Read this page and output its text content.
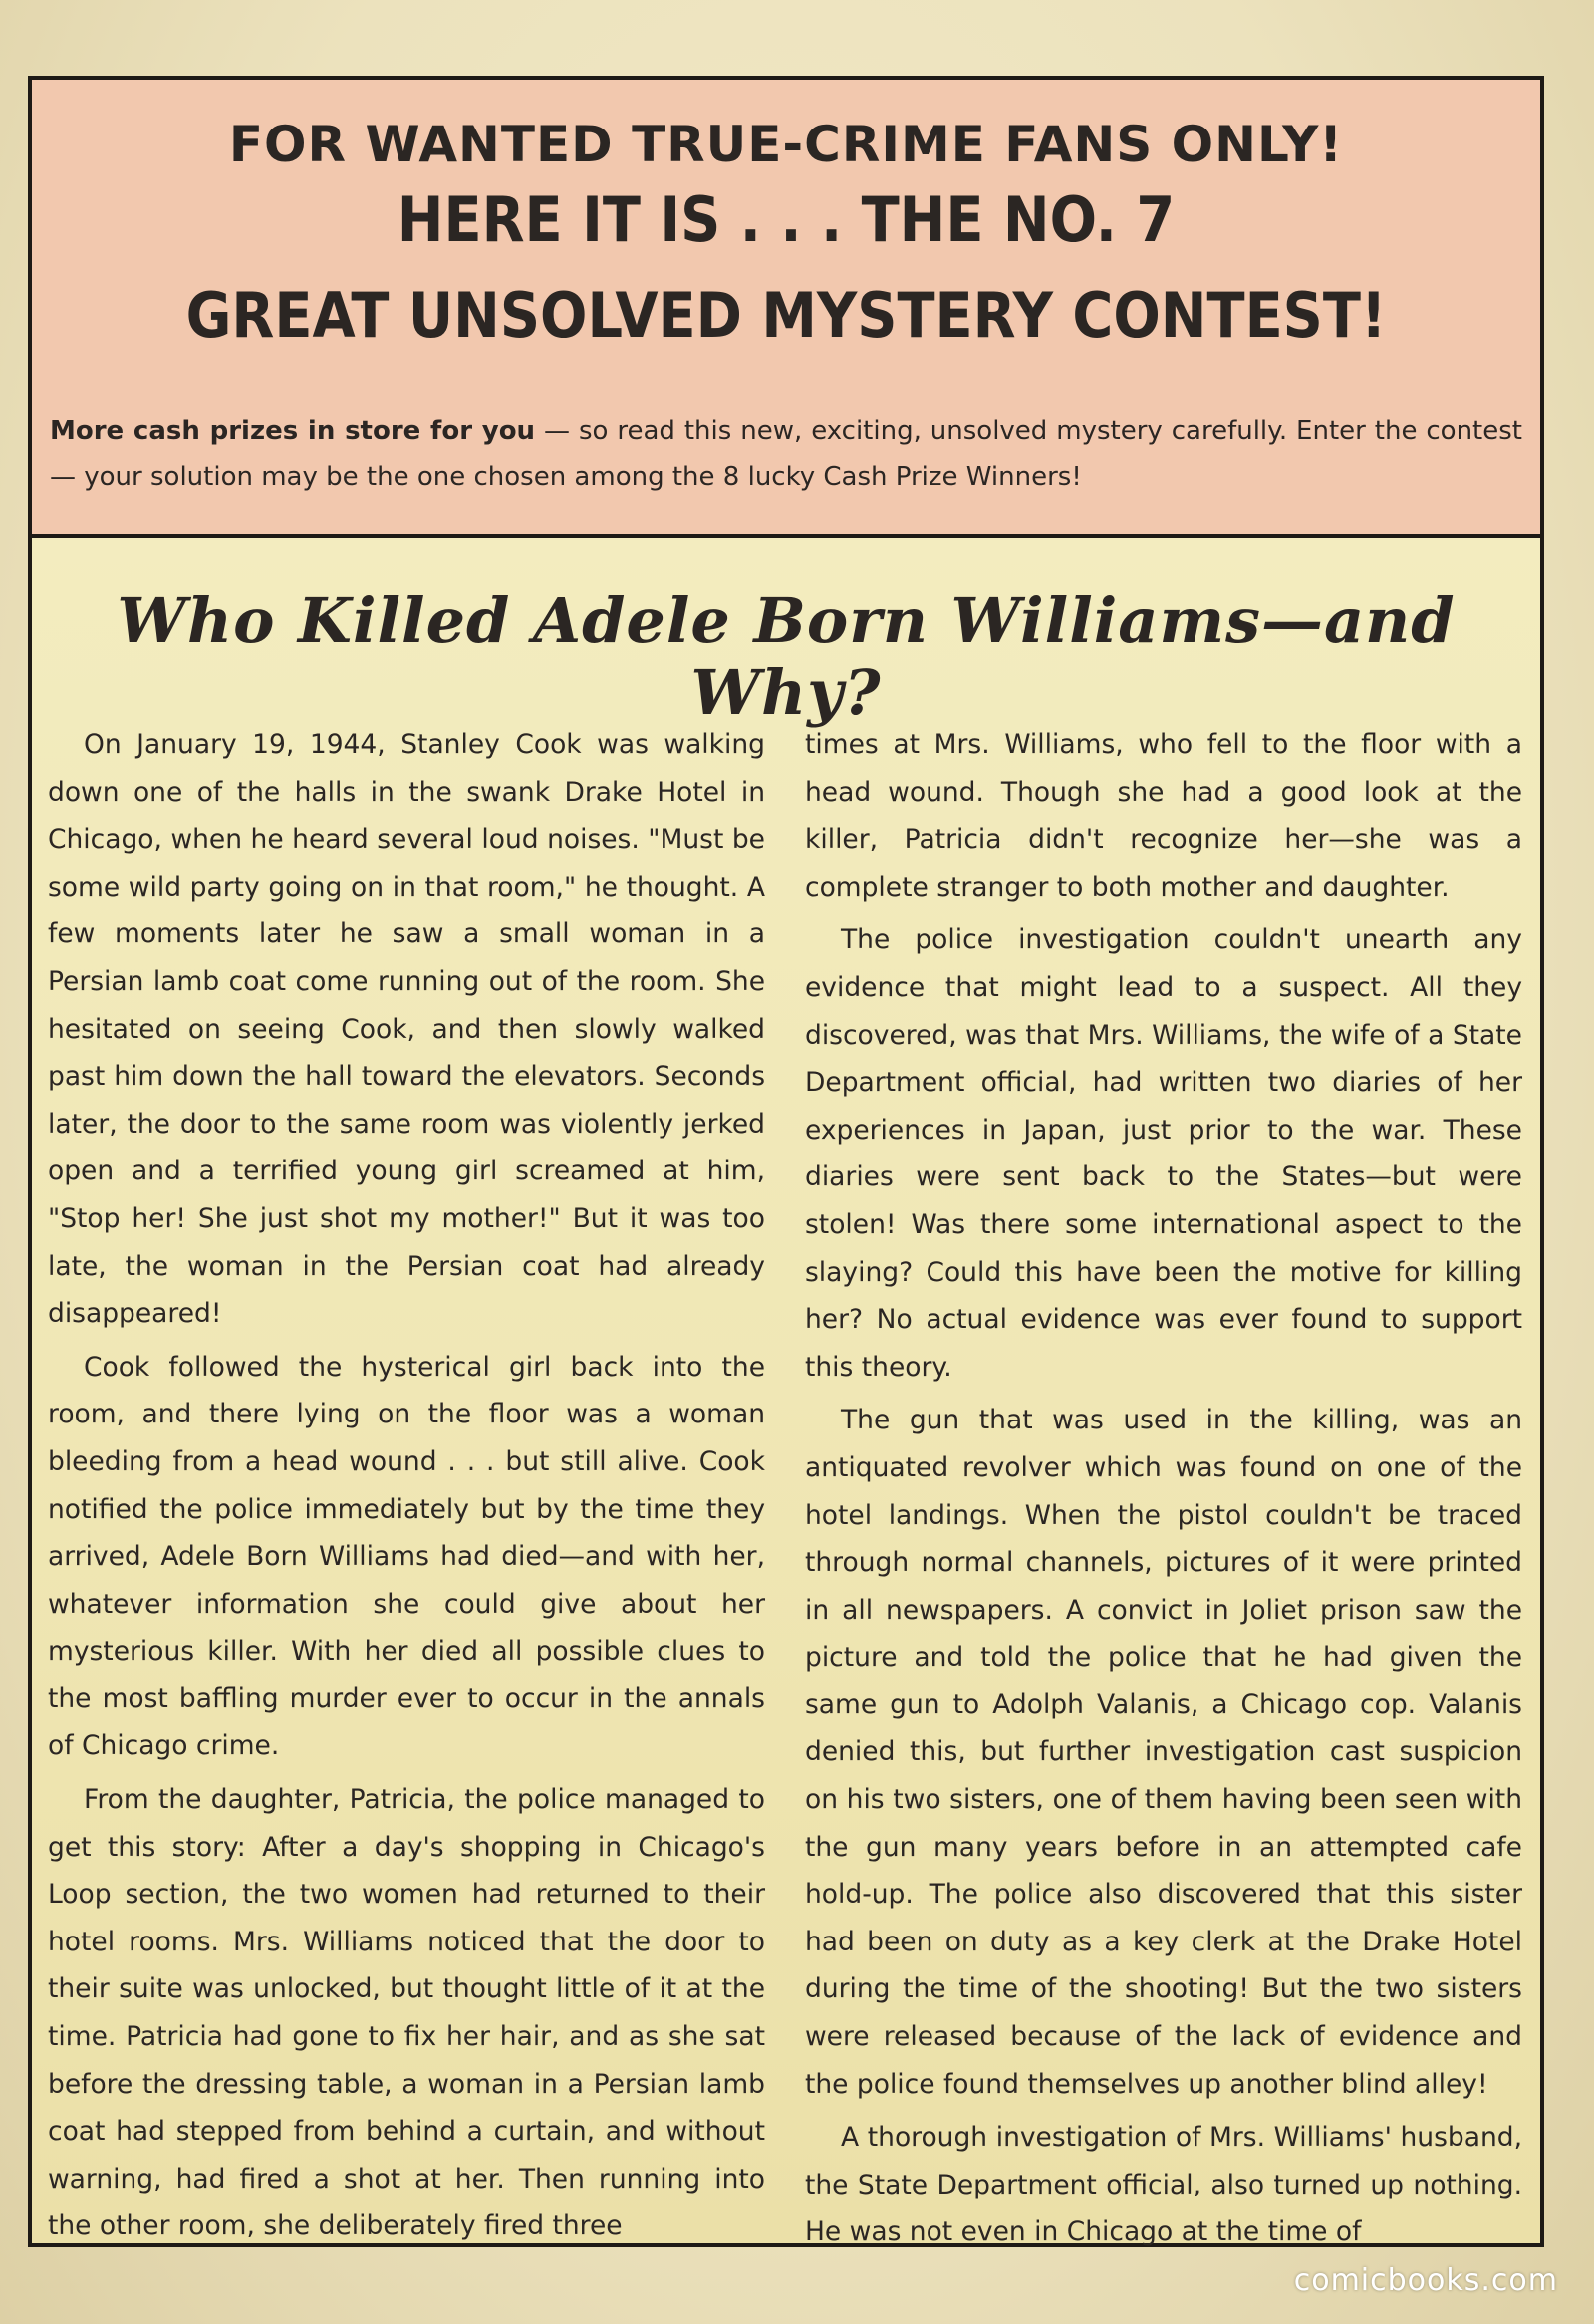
FOR WANTED TRUE-CRIME FANS ONLY!
HERE IT IS . . . THE NO. 7
GREAT UNSOLVED MYSTERY CONTEST!
More cash prizes in store for you — so read this new, exciting, unsolved mystery carefully. Enter the contest — your solution may be the one chosen among the 8 lucky Cash Prize Winners!
Who Killed Adele Born Williams—and Why?

On January 19, 1944, Stanley Cook was walking down one of the halls in the swank Drake Hotel in Chicago, when he heard several loud noises. "Must be some wild party going on in that room," he thought. A few moments later he saw a small woman in a Persian lamb coat come running out of the room. She hesitated on seeing Cook, and then slowly walked past him down the hall toward the elevators. Seconds later, the door to the same room was violently jerked open and a terrified young girl screamed at him, "Stop her! She just shot my mother!" But it was too late, the woman in the Persian coat had already disappeared!

Cook followed the hysterical girl back into the room, and there lying on the floor was a woman bleeding from a head wound . . . but still alive. Cook notified the police immediately but by the time they arrived, Adele Born Williams had died—and with her, whatever information she could give about her mysterious killer. With her died all possible clues to the most baffling murder ever to occur in the annals of Chicago crime.

From the daughter, Patricia, the police managed to get this story: After a day's shopping in Chicago's Loop section, the two women had returned to their hotel rooms. Mrs. Williams noticed that the door to their suite was unlocked, but thought little of it at the time. Patricia had gone to fix her hair, and as she sat before the dressing table, a woman in a Persian lamb coat had stepped from behind a curtain, and without warning, had fired a shot at her. Then running into the other room, she deliberately fired three

times at Mrs. Williams, who fell to the floor with a head wound. Though she had a good look at the killer, Patricia didn't recognize her—she was a complete stranger to both mother and daughter.

The police investigation couldn't unearth any evidence that might lead to a suspect. All they discovered, was that Mrs. Williams, the wife of a State Department official, had written two diaries of her experiences in Japan, just prior to the war. These diaries were sent back to the States—but were stolen! Was there some international aspect to the slaying? Could this have been the motive for killing her? No actual evidence was ever found to support this theory.

The gun that was used in the killing, was an antiquated revolver which was found on one of the hotel landings. When the pistol couldn't be traced through normal channels, pictures of it were printed in all newspapers. A convict in Joliet prison saw the picture and told the police that he had given the same gun to Adolph Valanis, a Chicago cop. Valanis denied this, but further investigation cast suspicion on his two sisters, one of them having been seen with the gun many years before in an attempted cafe hold-up. The police also discovered that this sister had been on duty as a key clerk at the Drake Hotel during the time of the shooting! But the two sisters were released because of the lack of evidence and the police found themselves up another blind alley!

A thorough investigation of Mrs. Williams' husband, the State Department official, also turned up nothing. He was not even in Chicago at the time of

comicbooks.com
